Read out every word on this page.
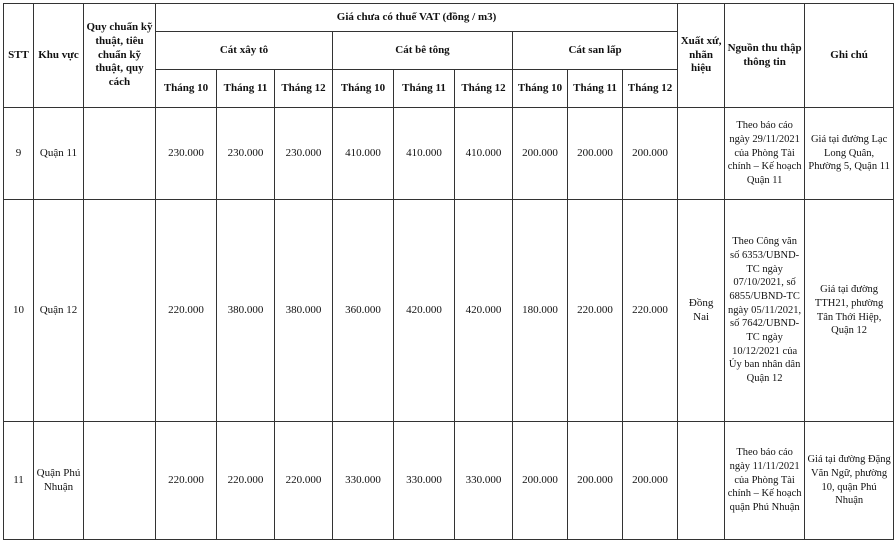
STT	Khu vực	Quy chuẩn kỹ thuật, tiêu chuẩn kỹ thuật, quy cách	Giá chưa có thuế VAT (đồng / m3)									Xuất xứ, nhãn hiệu	Nguồn thu thập thông tin	Ghi chú
			Cát xây tô			Cát bê tông			Cát san lấp					
			Tháng 10	Tháng 11	Tháng 12	Tháng 10	Tháng 11	Tháng 12	Tháng 10	Tháng 11	Tháng 12			
9	Quận 11		230.000	230.000	230.000	410.000	410.000	410.000	200.000	200.000	200.000		Theo báo cáo ngày 29/11/2021 của Phòng Tài chính – Kế hoạch Quận 11	Giá tại đường Lạc Long Quân, Phường 5, Quận 11
10	Quận 12		220.000	380.000	380.000	360.000	420.000	420.000	180.000	220.000	220.000	Đồng Nai	Theo Công văn số 6353/UBND-TC ngày 07/10/2021, số 6855/UBND-TC ngày 05/11/2021, số 7642/UBND-TC ngày 10/12/2021 của Ủy ban nhân dân Quận 12	Giá tại đường TTH21, phường Tân Thới Hiệp, Quận 12
11	Quận Phú Nhuận		220.000	220.000	220.000	330.000	330.000	330.000	200.000	200.000	200.000		Theo báo cáo ngày 11/11/2021 của Phòng Tài chính – Kế hoạch quận Phú Nhuận	Giá tại đường Đặng Văn Ngữ, phường 10, quận Phú Nhuận
